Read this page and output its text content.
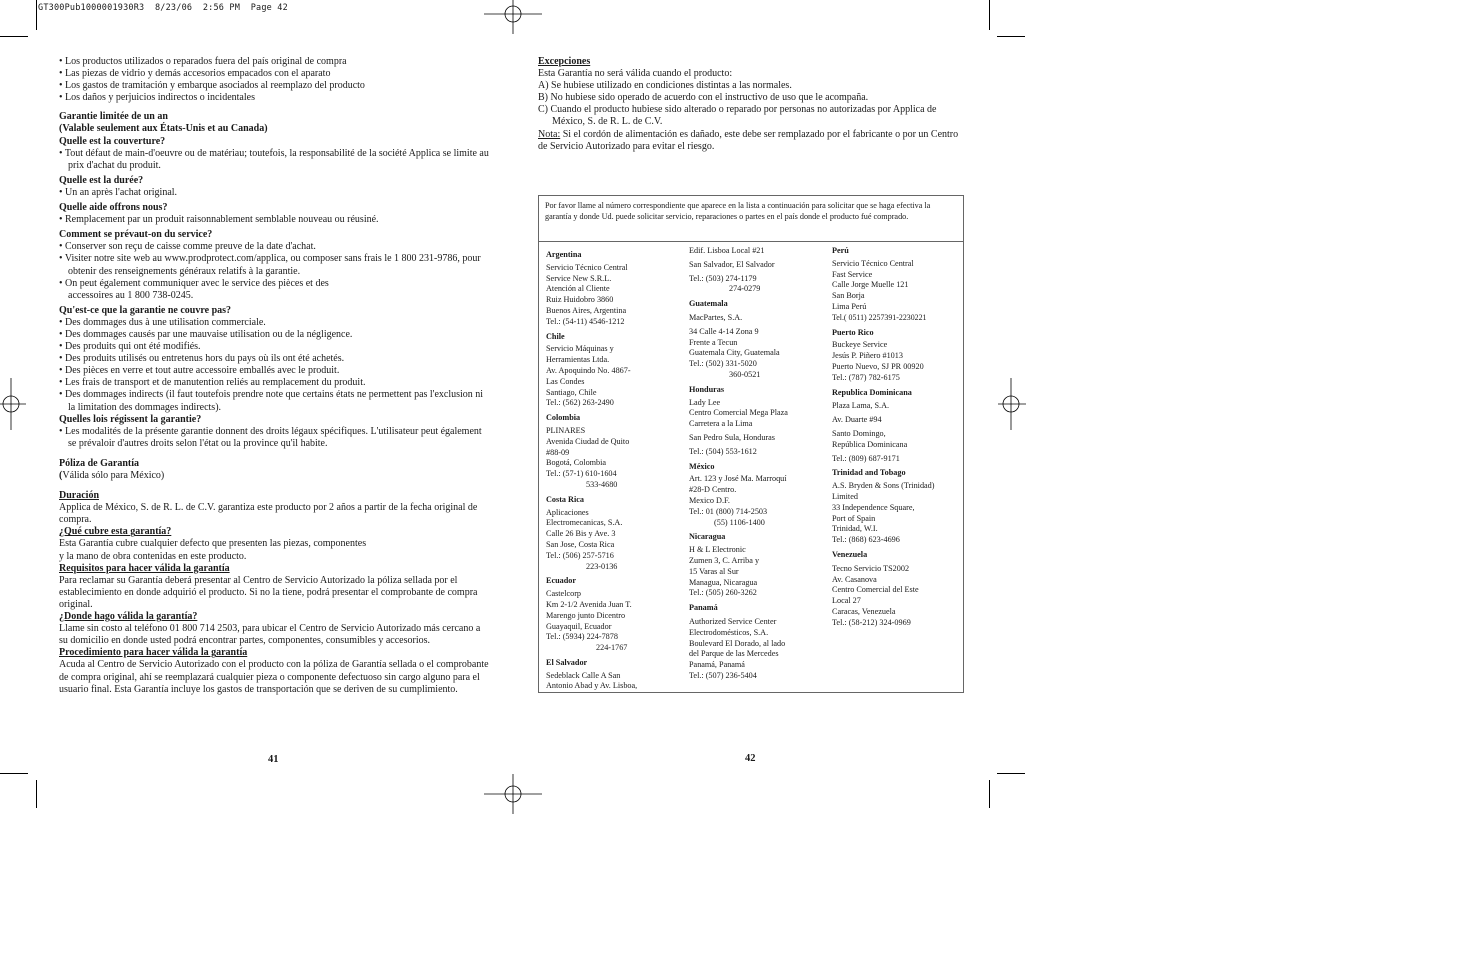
GT300Pub1000001930R3  8/23/06  2:56 PM  Page 42

• Los productos utilizados o reparados fuera del país original de compra

• Las piezas de vidrio y demás accesorios empacados con el aparato

• Los gastos de tramitación y embarque asociados al reemplazo del producto

• Los daños y perjuicios indirectos o incidentales

Garantie limitée de un an

(Valable seulement aux États-Unis et au Canada)

Quelle est la couverture?

• Tout défaut de main-d'oeuvre ou de matériau; toutefois, la responsabilité de la société Applica se limite au prix d'achat du produit.

Quelle est la durée?

• Un an après l'achat original.

Quelle aide offrons nous?

• Remplacement par un produit raisonnablement semblable nouveau ou réusiné.

Comment se prévaut-on du service?

• Conserver son reçu de caisse comme preuve de la date d'achat.

• Visiter notre site web au www.prodprotect.com/applica, ou composer sans frais le 1 800 231-9786, pour obtenir des renseignements généraux relatifs à la garantie.

• On peut également communiquer avec le service des pièces et des accessoires au 1 800 738-0245.

Qu'est-ce que la garantie ne couvre pas?

• Des dommages dus à une utilisation commerciale.

• Des dommages causés par une mauvaise utilisation ou de la négligence.

• Des produits qui ont été modifiés.

• Des produits utilisés ou entretenus hors du pays où ils ont été achetés.

• Des pièces en verre et tout autre accessoire emballés avec le produit.

• Les frais de transport et de manutention reliés au remplacement du produit.

• Des dommages indirects (il faut toutefois prendre note que certains états ne permettent pas l'exclusion ni la limitation des dommages indirects).

Quelles lois régissent la garantie?

• Les modalités de la présente garantie donnent des droits légaux spécifiques. L'utilisateur peut également se prévaloir d'autres droits selon l'état ou la province qu'il habite.

Póliza de Garantía

(Válida sólo para México)

Duración

Applica de México, S. de R. L. de C.V. garantiza este producto por 2 años a partir de la fecha original de compra.

¿Qué cubre esta garantía?

Esta Garantía cubre cualquier defecto que presenten las piezas, componentes

y la mano de obra contenidas en este producto.

Requisitos para hacer válida la garantía

Para reclamar su Garantía deberá presentar al Centro de Servicio Autorizado la póliza sellada por el establecimiento en donde adquirió el producto. Si no la tiene, podrá presentar el comprobante de compra original.

¿Donde hago válida la garantía?

Llame sin costo al teléfono 01 800 714 2503, para ubicar el Centro de Servicio Autorizado más cercano a su domicilio en donde usted podrá encontrar partes, componentes, consumibles y accesorios.

Procedimiento para hacer válida la garantía

Acuda al Centro de Servicio Autorizado con el producto con la póliza de Garantía sellada o el comprobante de compra original, ahí se reemplazará cualquier pieza o componente defectuoso sin cargo alguno para el usuario final. Esta Garantía incluye los gastos de transportación que se deriven de su cumplimiento.

41

Excepciones

Esta Garantía no será válida cuando el producto:

A) Se hubiese utilizado en condiciones distintas a las normales.

B) No hubiese sido operado de acuerdo con el instructivo de uso que le acompaña.

C) Cuando el producto hubiese sido alterado o reparado por personas no autorizadas por Applica de México, S. de R. L. de C.V.

Nota: Si el cordón de alimentación es dañado, este debe ser remplazado por el fabricante o por un Centro de Servicio Autorizado para evitar el riesgo.

Por favor llame al número correspondiente que aparece en la lista a continuación para solicitar que se haga efectiva la garantía y donde Ud. puede solicitar servicio, reparaciones o partes en el país donde el producto fué comprado.

Argentina

Servicio Técnico Central

Service New S.R.L.

Atención al Cliente

Ruiz Huidobro 3860

Buenos Aires, Argentina

Tel.: (54-11) 4546-1212

Chile

Servicio Máquinas y

Herramientas Ltda.

Av. Apoquindo No. 4867-

Las Condes

Santiago, Chile

Tel.: (562) 263-2490

Colombia

PLINARES

Avenida Ciudad de Quito

#88-09

Bogotá, Colombia

Tel.: (57-1) 610-1604

533-4680

Costa Rica

Aplicaciones

Electromecanicas, S.A.

Calle 26 Bis y Ave. 3

San Jose, Costa Rica

Tel.: (506) 257-5716

223-0136

Ecuador

Castelcorp

Km 2-1/2 Avenida Juan T.

Marengo junto Dicentro

Guayaquil, Ecuador

Tel.: (5934) 224-7878

224-1767

El Salvador

Sedeblack Calle A San

Antonio Abad y Av. Lisboa,

Edif. Lisboa Local #21

San Salvador, El Salvador

Tel.: (503) 274-1179

274-0279

Guatemala

MacPartes, S.A.

34 Calle 4-14 Zona 9

Frente a Tecun

Guatemala City, Guatemala

Tel.: (502) 331-5020

360-0521

Honduras

Lady Lee

Centro Comercial Mega Plaza

Carretera a la Lima

San Pedro Sula, Honduras

Tel.: (504) 553-1612

México

Art. 123 y José Ma. Marroquí

#28-D Centro.

Mexico D.F.

Tel.: 01 (800) 714-2503

(55) 1106-1400

Nicaragua

H & L Electronic

Zumen 3, C. Arriba y

15 Varas al Sur

Managua, Nicaragua

Tel.: (505) 260-3262

Panamá

Authorized Service Center

Electrodomésticos, S.A.

Boulevard El Dorado, al lado

del Parque de las Mercedes

Panamá, Panamá

Tel.: (507) 236-5404

Perú

Servicio Técnico Central

Fast Service

Calle Jorge Muelle 121

San Borja

Lima Perú

Tel.( 0511) 2257391-2230221

Puerto Rico

Buckeye Service

Jesús P. Piñero #1013

Puerto Nuevo, SJ PR 00920

Tel.: (787) 782-6175

Republica Dominicana

Plaza Lama, S.A.

Av. Duarte #94

Santo Domingo,

República Dominicana

Tel.: (809) 687-9171

Trinidad and Tobago

A.S. Bryden & Sons (Trinidad)

Limited

33 Independence Square,

Port of Spain

Trinidad, W.I.

Tel.: (868) 623-4696

Venezuela

Tecno Servicio TS2002

Av. Casanova

Centro Comercial del Este

Local 27

Caracas, Venezuela

Tel.: (58-212) 324-0969

42
